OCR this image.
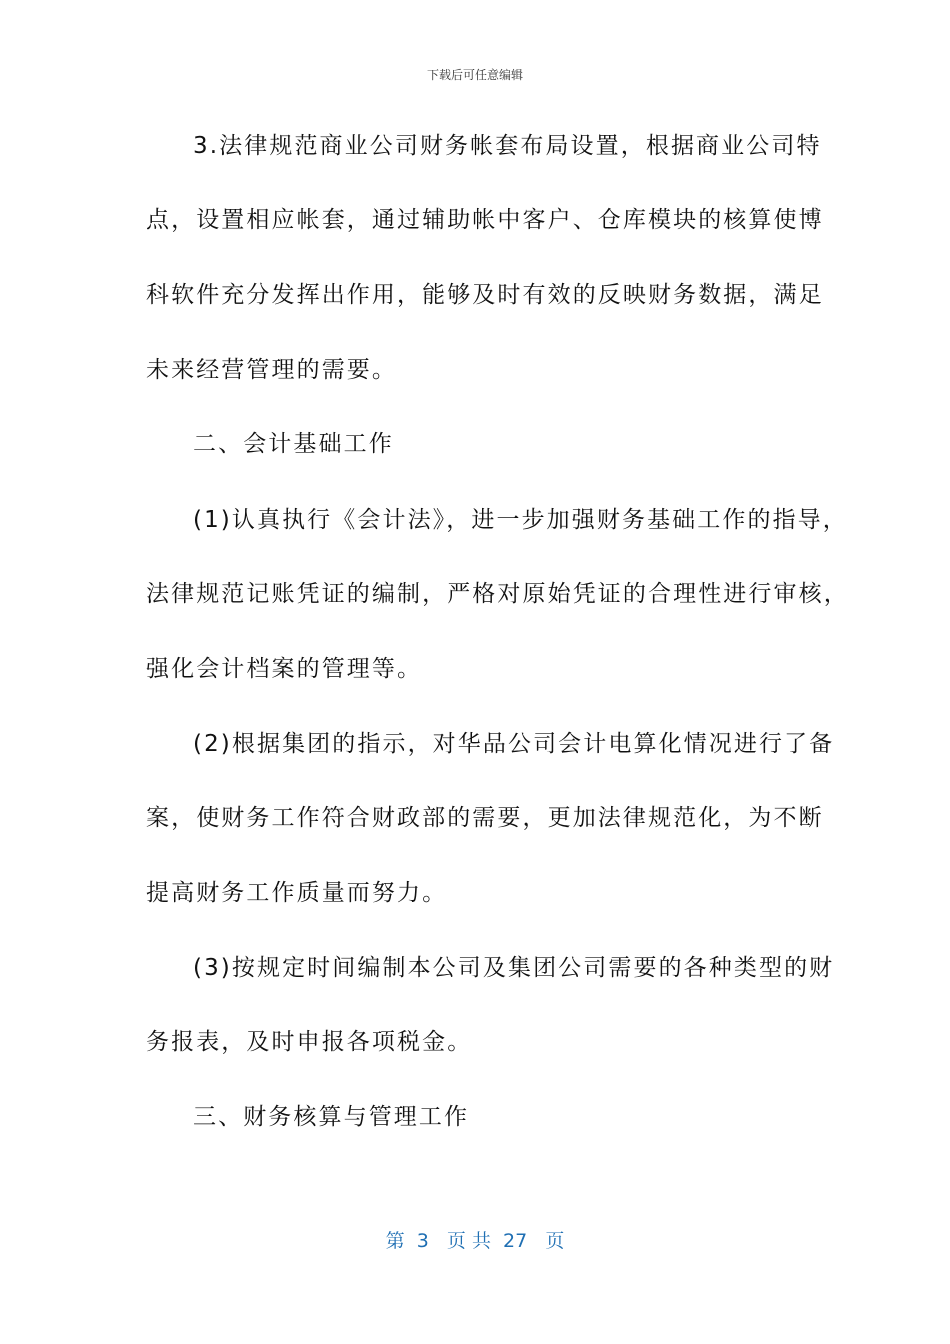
下载后可任意编辑
3.法律规范商业公司财务帐套布局设置，根据商业公司特
点，设置相应帐套，通过辅助帐中客户、仓库模块的核算使博
科软件充分发挥出作用，能够及时有效的反映财务数据，满足
未来经营管理的需要。
二、会计基础工作
(1)认真执行《会计法》，进一步加强财务基础工作的指导，
法律规范记账凭证的编制，严格对原始凭证的合理性进行审核，
强化会计档案的管理等。
(2)根据集团的指示，对华品公司会计电算化情况进行了备
案，使财务工作符合财政部的需要，更加法律规范化，为不断
提高财务工作质量而努力。
(3)按规定时间编制本公司及集团公司需要的各种类型的财
务报表，及时申报各项税金。
三、财务核算与管理工作
第  3   页 共  27   页
